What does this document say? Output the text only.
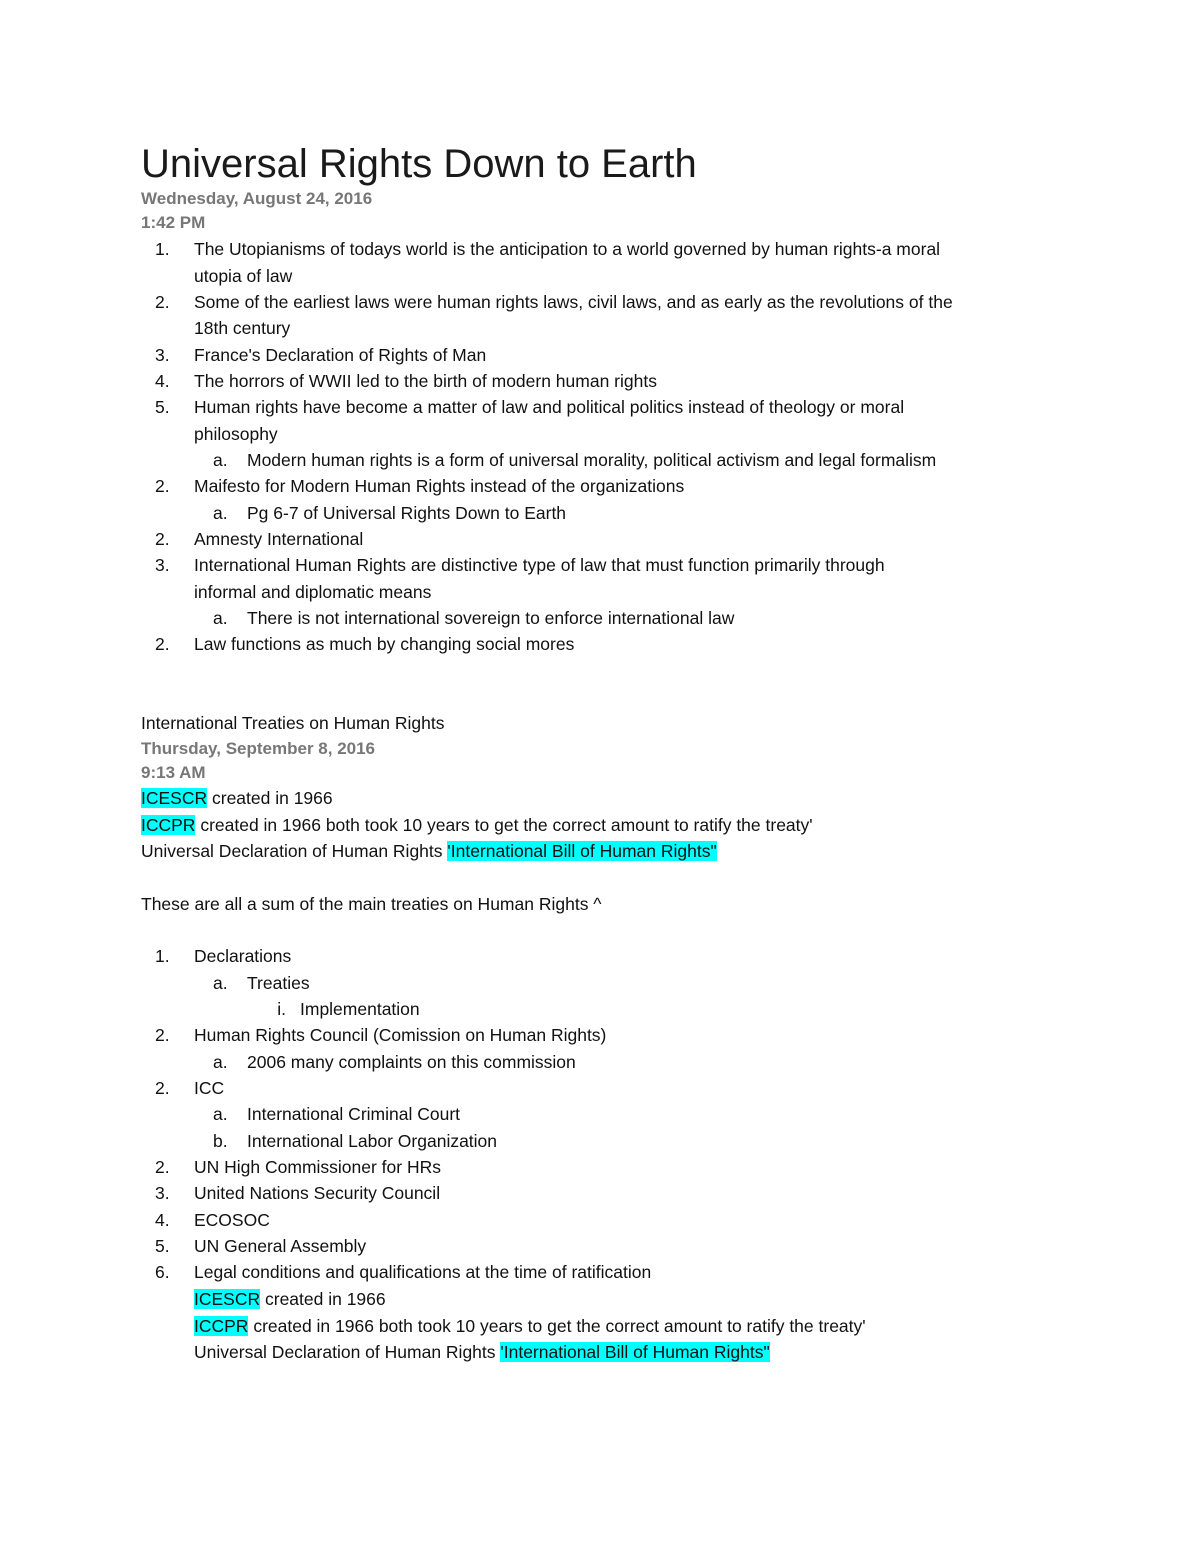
Universal Rights Down to Earth
Wednesday, August 24, 2016
1:42 PM
1.	The Utopianisms of todays world is the anticipation to a world governed by human rights-a moral
utopia of law
2.	Some of the earliest laws were human rights laws, civil laws, and as early as the revolutions of the
18th century
3.	France's Declaration of Rights of Man
4.	The horrors of WWII led to the birth of modern human rights
5.	Human rights have become a matter of law and political politics instead of theology or moral
philosophy
a.	Modern human rights is a form of universal morality, political activism and legal formalism
2.	Maifesto for Modern Human Rights instead of the organizations
a.	Pg 6-7 of Universal Rights Down to Earth
2.	Amnesty International
3.	International Human Rights are distinctive type of law that must function primarily through
informal and diplomatic means
a.	There is not international sovereign to enforce international law
2.	Law functions as much by changing social mores
International Treaties on Human Rights
Thursday, September 8, 2016
9:13 AM
ICESCR created in 1966
ICCPR created in 1966 both took 10 years to get the correct amount to ratify the treaty'
Universal Declaration of Human Rights 'International Bill of Human Rights"
These are all a sum of the main treaties on Human Rights ^
1.	Declarations
a.	Treaties
i. Implementation
2.	Human Rights Council (Comission on Human Rights)
a.	2006 many complaints on this commission
2.	ICC
a.	International Criminal Court
b.	International Labor Organization
2.	UN High Commissioner for HRs
3.	United Nations Security Council
4.	ECOSOC
5.	UN General Assembly
6.	Legal conditions and qualifications at the time of ratification
ICESCR created in 1966
ICCPR created in 1966 both took 10 years to get the correct amount to ratify the treaty'
Universal Declaration of Human Rights 'International Bill of Human Rights"
